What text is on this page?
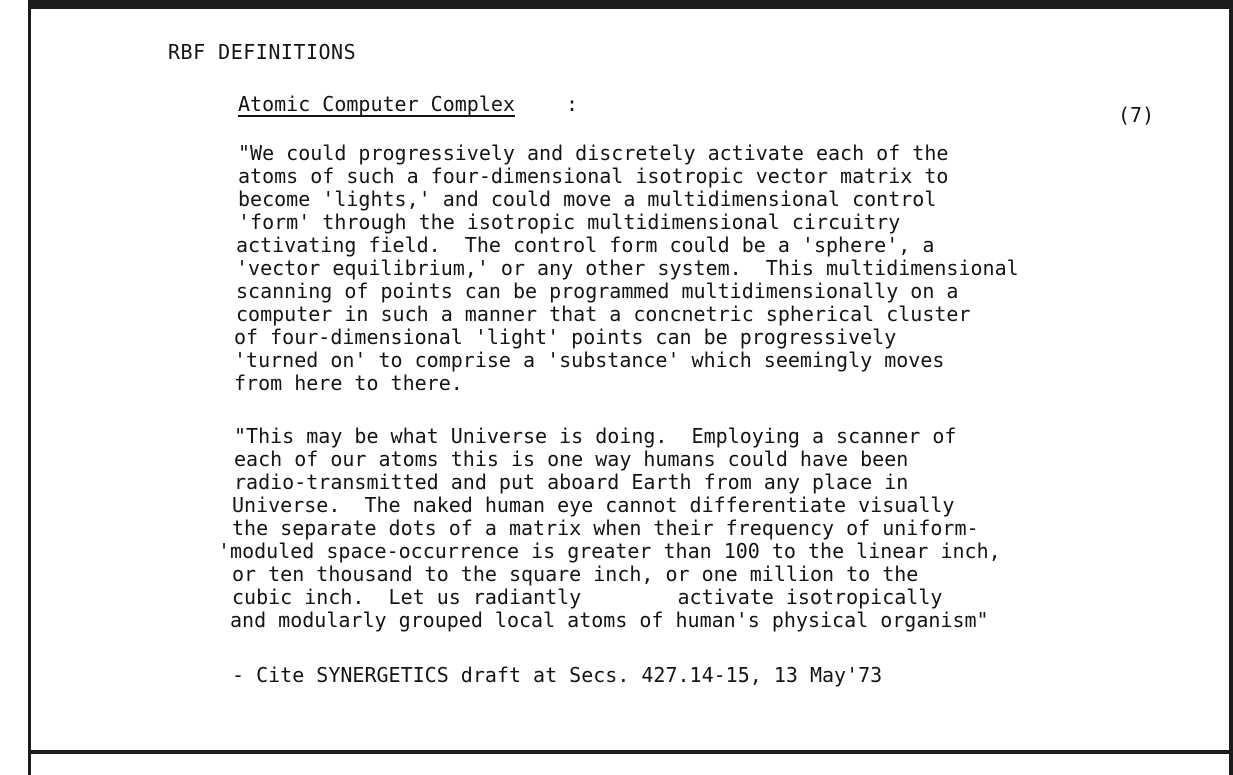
RBF DEFINITIONS
Atomic Computer Complex	:	(7)
"We could progressively and discretely activate each of the
atoms of such a four-dimensional isotropic vector matrix to
become 'lights,' and could move a multidimensional control
'form' through the isotropic multidimensional circuitry
activating field.  The control form could be a 'sphere', a
'vector equilibrium,' or any other system.  This multidimensional
scanning of points can be programmed multidimensionally on a
computer in such a manner that a concnetric spherical cluster
of four-dimensional 'light' points can be progressively
'turned on' to comprise a 'substance' which seemingly moves
from here to there.
"This may be what Universe is doing.  Employing a scanner of
each of our atoms this is one way humans could have been
radio-transmitted and put aboard Earth from any place in
Universe.  The naked human eye cannot differentiate visually
the separate dots of a matrix when their frequency of uniform-
'moduled space-occurrence is greater than 100 to the linear inch,
or ten thousand to the square inch, or one million to the
cubic inch.  Let us radiantly        activate isotropically
and modularly grouped local atoms of human's physical organism"
- Cite SYNERGETICS draft at Secs. 427.14-15, 13 May'73
